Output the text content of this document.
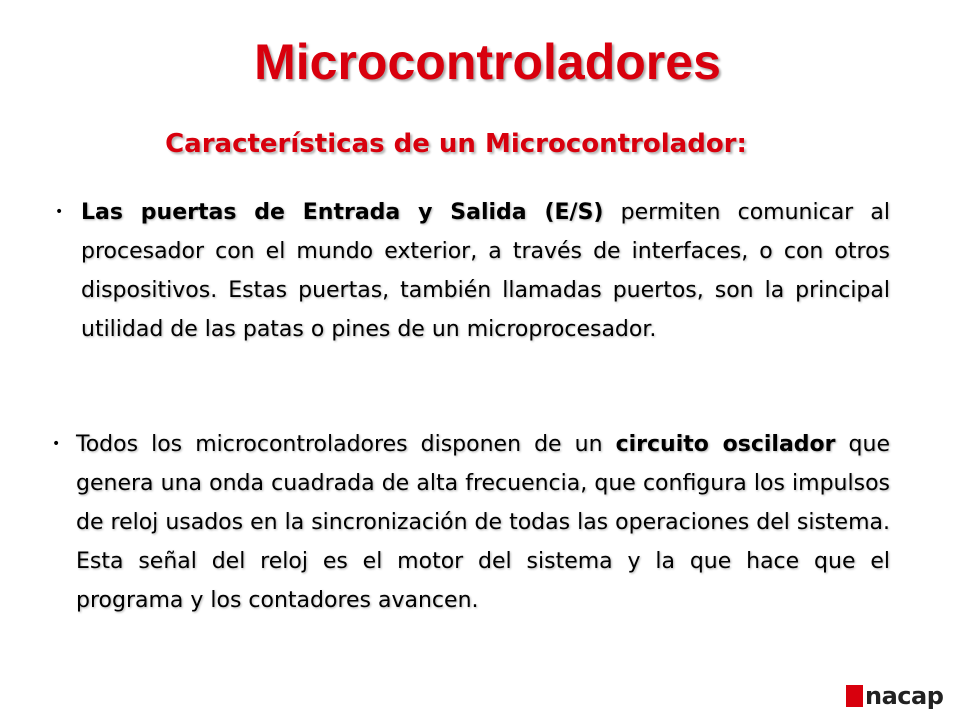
Microcontroladores
Características de un Microcontrolador:
• Las puertas de Entrada y Salida (E/S) permiten comunicar al procesador con el mundo exterior, a través de interfaces, o con otros dispositivos. Estas puertas, también llamadas puertos, son la principal utilidad de las patas o pines de un microprocesador.

• Todos los microcontroladores disponen de un circuito oscilador que genera una onda cuadrada de alta frecuencia, que configura los impulsos de reloj usados en la sincronización de todas las operaciones del sistema. Esta señal del reloj es el motor del sistema y la que hace que el programa y los contadores avancen.

nacap
